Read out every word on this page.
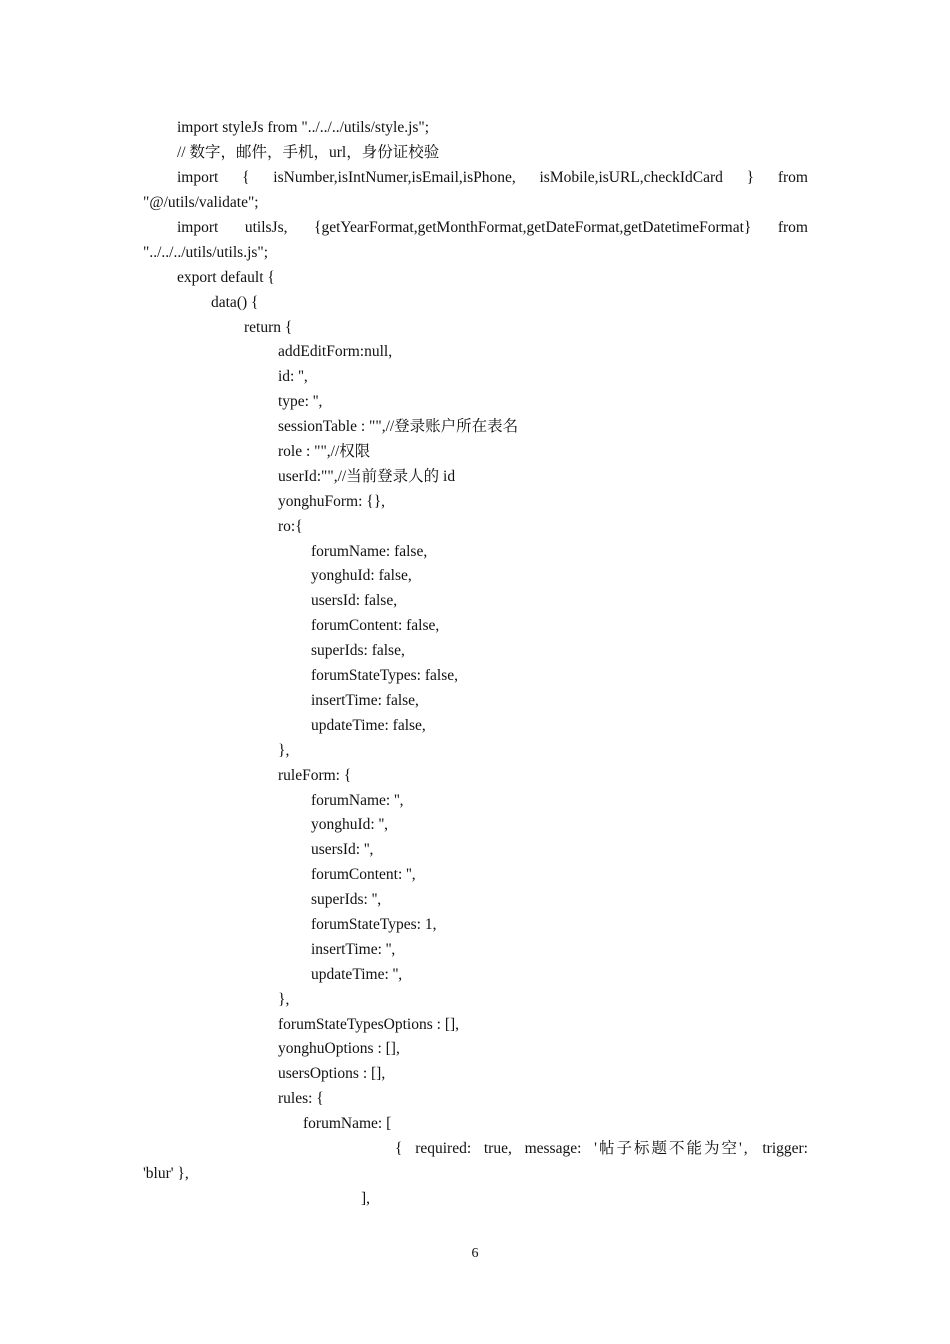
import styleJs from "../../../utils/style.js";
// 数字，邮件，手机，url，身份证校验
import { isNumber,isIntNumer,isEmail,isPhone, isMobile,isURL,checkIdCard } from
"@/utils/validate";
import utilsJs, {getYearFormat,getMonthFormat,getDateFormat,getDatetimeFormat} from
"../../../utils/utils.js";
export default {
data() {
return {
addEditForm:null,
id: '',
type: '',
sessionTable : "",//登录账户所在表名
role : "",//权限
userId:"",//当前登录人的 id
yonghuForm: {},
ro:{
forumName: false,
yonghuId: false,
usersId: false,
forumContent: false,
superIds: false,
forumStateTypes: false,
insertTime: false,
updateTime: false,
},
ruleForm: {
forumName: '',
yonghuId: '',
usersId: '',
forumContent: '',
superIds: '',
forumStateTypes: 1,
insertTime: '',
updateTime: '',
},
forumStateTypesOptions : [],
yonghuOptions : [],
usersOptions : [],
rules: {
forumName: [
{ required: true, message: '帖子标题不能为空', trigger:
'blur' },
],
6
